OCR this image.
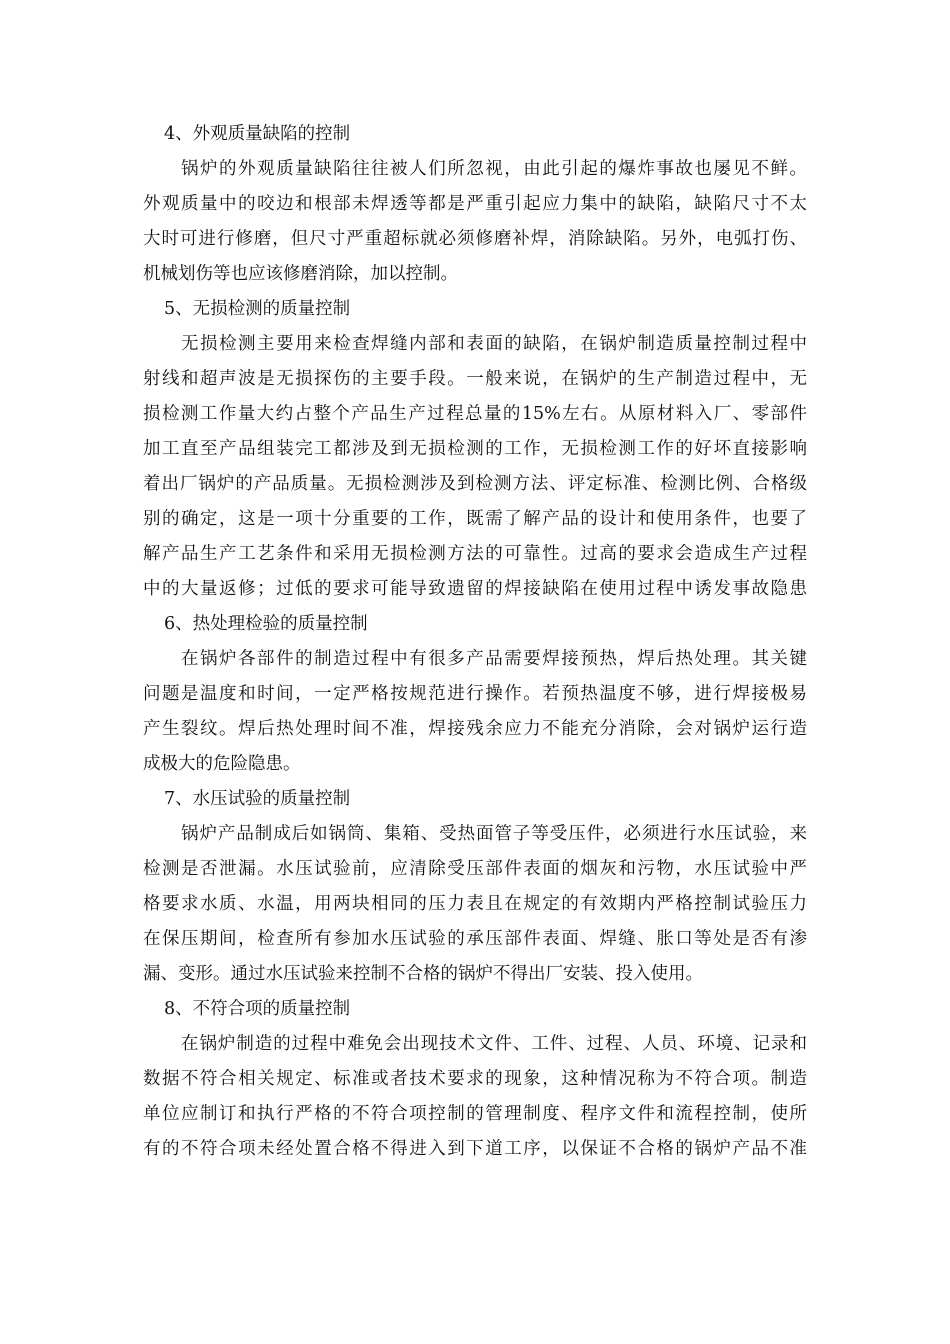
4、外观质量缺陷的控制
锅炉的外观质量缺陷往往被人们所忽视，由此引起的爆炸事故也屡见不鲜。
外观质量中的咬边和根部未焊透等都是严重引起应力集中的缺陷，缺陷尺寸不太
大时可进行修磨，但尺寸严重超标就必须修磨补焊，消除缺陷。另外，电弧打伤、
机械划伤等也应该修磨消除，加以控制。
5、无损检测的质量控制
无损检测主要用来检查焊缝内部和表面的缺陷，在锅炉制造质量控制过程中
射线和超声波是无损探伤的主要手段。一般来说，在锅炉的生产制造过程中，无
损检测工作量大约占整个产品生产过程总量的15%左右。从原材料入厂、零部件
加工直至产品组装完工都涉及到无损检测的工作，无损检测工作的好坏直接影响
着出厂锅炉的产品质量。无损检测涉及到检测方法、评定标准、检测比例、合格级
别的确定，这是一项十分重要的工作，既需了解产品的设计和使用条件，也要了
解产品生产工艺条件和采用无损检测方法的可靠性。过高的要求会造成生产过程
中的大量返修；过低的要求可能导致遗留的焊接缺陷在使用过程中诱发事故隐患
6、热处理检验的质量控制
在锅炉各部件的制造过程中有很多产品需要焊接预热，焊后热处理。其关键
问题是温度和时间，一定严格按规范进行操作。若预热温度不够，进行焊接极易
产生裂纹。焊后热处理时间不准，焊接残余应力不能充分消除，会对锅炉运行造
成极大的危险隐患。
7、水压试验的质量控制
锅炉产品制成后如锅筒、集箱、受热面管子等受压件，必须进行水压试验，来
检测是否泄漏。水压试验前，应清除受压部件表面的烟灰和污物，水压试验中严
格要求水质、水温，用两块相同的压力表且在规定的有效期内严格控制试验压力
在保压期间，检查所有参加水压试验的承压部件表面、焊缝、胀口等处是否有渗
漏、变形。通过水压试验来控制不合格的锅炉不得出厂安装、投入使用。
8、不符合项的质量控制
在锅炉制造的过程中难免会出现技术文件、工件、过程、人员、环境、记录和
数据不符合相关规定、标准或者技术要求的现象，这种情况称为不符合项。制造
单位应制订和执行严格的不符合项控制的管理制度、程序文件和流程控制，使所
有的不符合项未经处置合格不得进入到下道工序，以保证不合格的锅炉产品不准
